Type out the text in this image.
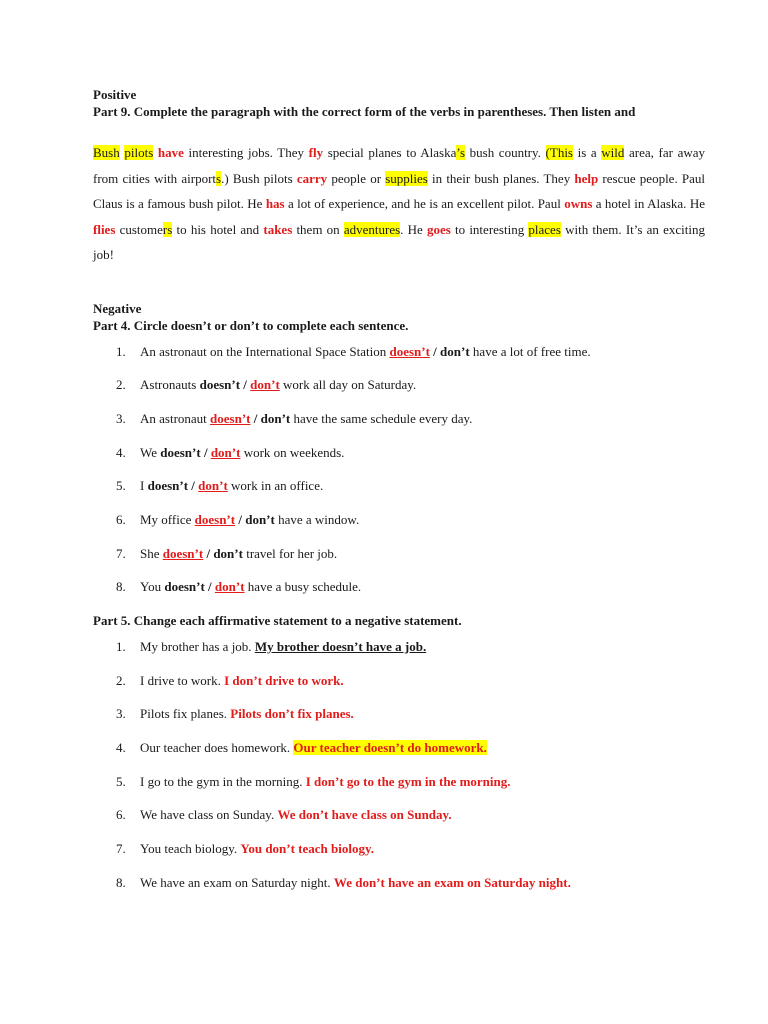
Positive
Part 9. Complete the paragraph with the correct form of the verbs in parentheses. Then listen and
Bush pilots have interesting jobs. They fly special planes to Alaska’s bush country. (This is a wild area, far away from cities with airports.) Bush pilots carry people or supplies in their bush planes. They help rescue people. Paul Claus is a famous bush pilot. He has a lot of experience, and he is an excellent pilot. Paul owns a hotel in Alaska. He flies customers to his hotel and takes them on adventures. He goes to interesting places with them. It’s an exciting job!
Negative
Part 4. Circle doesn’t or don’t to complete each sentence.
1. An astronaut on the International Space Station doesn’t / don’t have a lot of free time.
2. Astronauts doesn’t / don’t work all day on Saturday.
3. An astronaut doesn’t / don’t have the same schedule every day.
4. We doesn’t / don’t work on weekends.
5. I doesn’t / don’t work in an office.
6. My office doesn’t / don’t have a window.
7. She doesn’t / don’t travel for her job.
8. You doesn’t / don’t have a busy schedule.
Part 5. Change each affirmative statement to a negative statement.
1. My brother has a job. My brother doesn’t have a job.
2. I drive to work. I don’t drive to work.
3. Pilots fix planes. Pilots don’t fix planes.
4. Our teacher does homework. Our teacher doesn’t do homework.
5. I go to the gym in the morning. I don’t go to the gym in the morning.
6. We have class on Sunday. We don’t have class on Sunday.
7. You teach biology. You don’t teach biology.
8. We have an exam on Saturday night. We don’t have an exam on Saturday night.
